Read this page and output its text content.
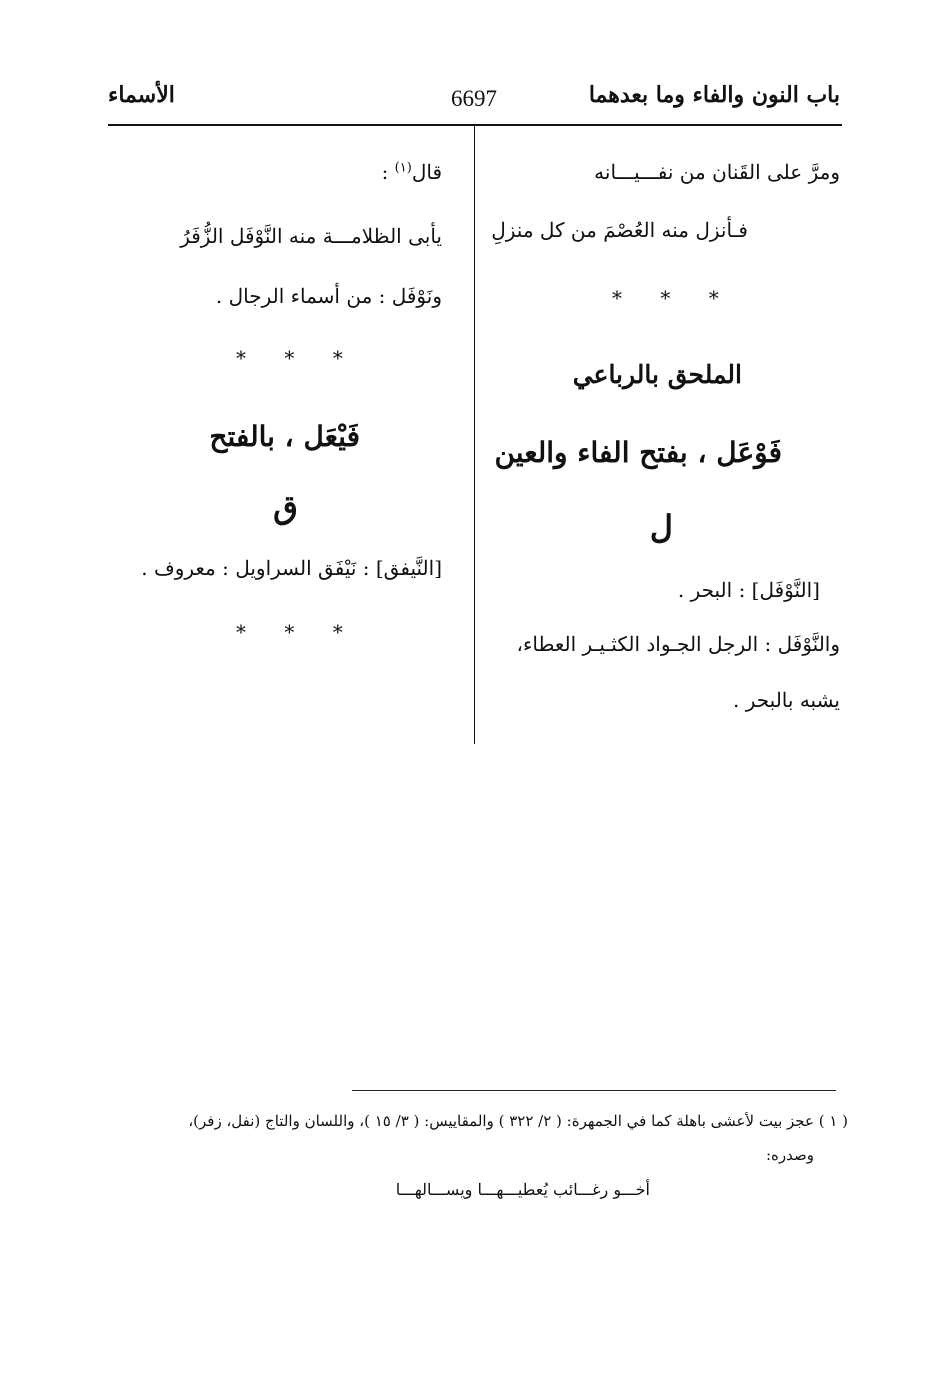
باب النون والفاء وما بعدهما
6697
الأسماء
ومرَّ على القَنان من نفـــيـــانه
فـأنزل منه العُصْمَ من كل منزلِ
* * *
الملحق بالرباعي
فَوْعَل ، بفتح الفاء والعين
ل
[النَّوْفَل] : البحر .
والنَّوْفَل : الرجل الجـواد الكثـيـر العطاء،
يشبه بالبحر .
قال$^{(١)}$ :
يأبى الظلامـــة منه النَّوْفَل الزُّفَرُ
ونَوْفَل : من أسماء الرجال .
* * *
فَيْعَل ، بالفتح
ق
[النَّيفق] : نَيْفَق السراويل : معروف .
* * *
( ١ ) عجز بيت لأعشى باهلة كما في الجمهرة: ( ٢/ ٣٢٢ ) والمقاييس: ( ٣/ ١٥ )، واللسان والتاج (نفل، زفر)،
وصدره:
أخـــو رغـــائب يُعطيـــهـــا ويســـالهـــا
